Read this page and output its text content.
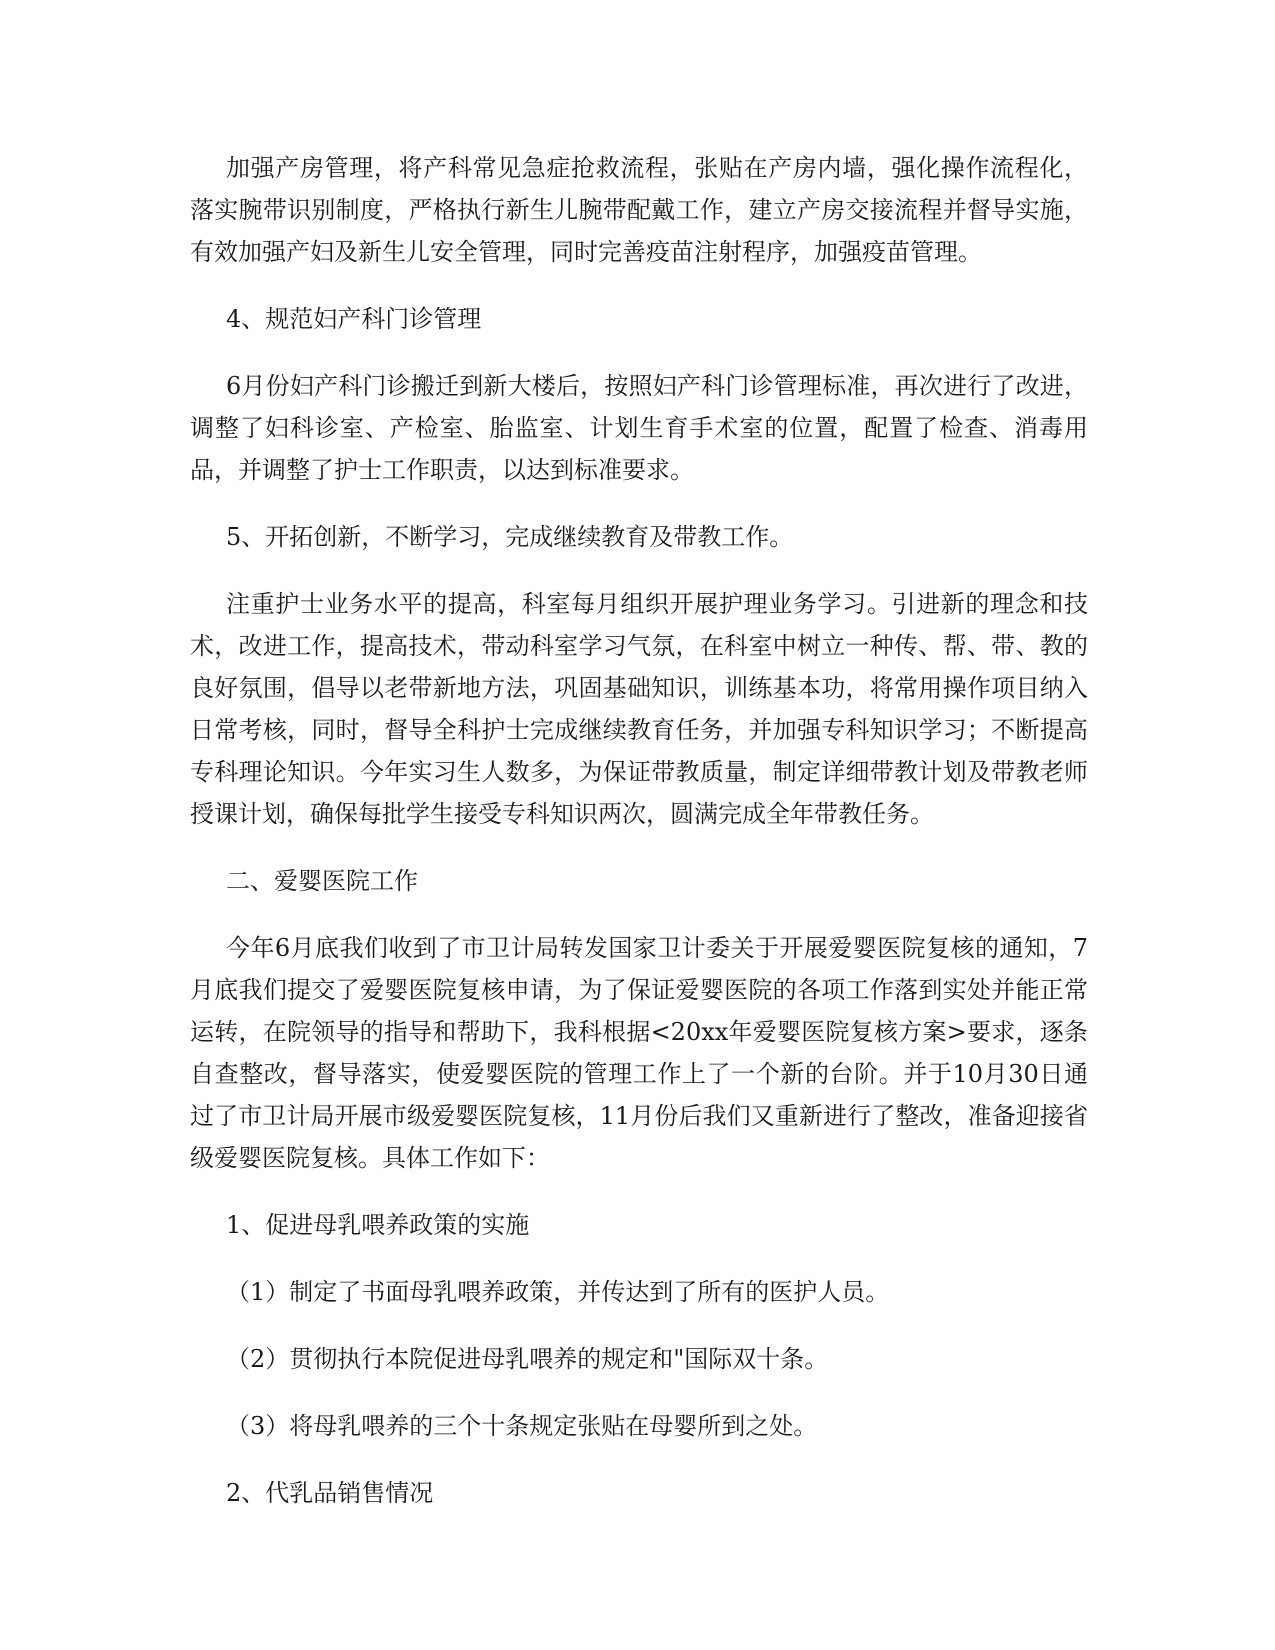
加强产房管理，将产科常见急症抢救流程，张贴在产房内墙，强化操作流程化，落实腕带识别制度，严格执行新生儿腕带配戴工作，建立产房交接流程并督导实施，有效加强产妇及新生儿安全管理，同时完善疫苗注射程序，加强疫苗管理。

4、规范妇产科门诊管理

6月份妇产科门诊搬迁到新大楼后，按照妇产科门诊管理标准，再次进行了改进，调整了妇科诊室、产检室、胎监室、计划生育手术室的位置，配置了检查、消毒用品，并调整了护士工作职责，以达到标准要求。

5、开拓创新，不断学习，完成继续教育及带教工作。

注重护士业务水平的提高，科室每月组织开展护理业务学习。引进新的理念和技术，改进工作，提高技术，带动科室学习气氛，在科室中树立一种传、帮、带、教的良好氛围，倡导以老带新地方法，巩固基础知识，训练基本功，将常用操作项目纳入日常考核，同时，督导全科护士完成继续教育任务，并加强专科知识学习；不断提高专科理论知识。今年实习生人数多，为保证带教质量，制定详细带教计划及带教老师授课计划，确保每批学生接受专科知识两次，圆满完成全年带教任务。

二、爱婴医院工作

今年6月底我们收到了市卫计局转发国家卫计委关于开展爱婴医院复核的通知，7月底我们提交了爱婴医院复核申请，为了保证爱婴医院的各项工作落到实处并能正常运转，在院领导的指导和帮助下，我科根据<20xx年爱婴医院复核方案>要求，逐条自查整改，督导落实，使爱婴医院的管理工作上了一个新的台阶。并于10月30日通过了市卫计局开展市级爱婴医院复核，11月份后我们又重新进行了整改，准备迎接省级爱婴医院复核。具体工作如下：

1、促进母乳喂养政策的实施

（1）制定了书面母乳喂养政策，并传达到了所有的医护人员。

（2）贯彻执行本院促进母乳喂养的规定和"国际双十条。

（3）将母乳喂养的三个十条规定张贴在母婴所到之处。

2、代乳品销售情况
